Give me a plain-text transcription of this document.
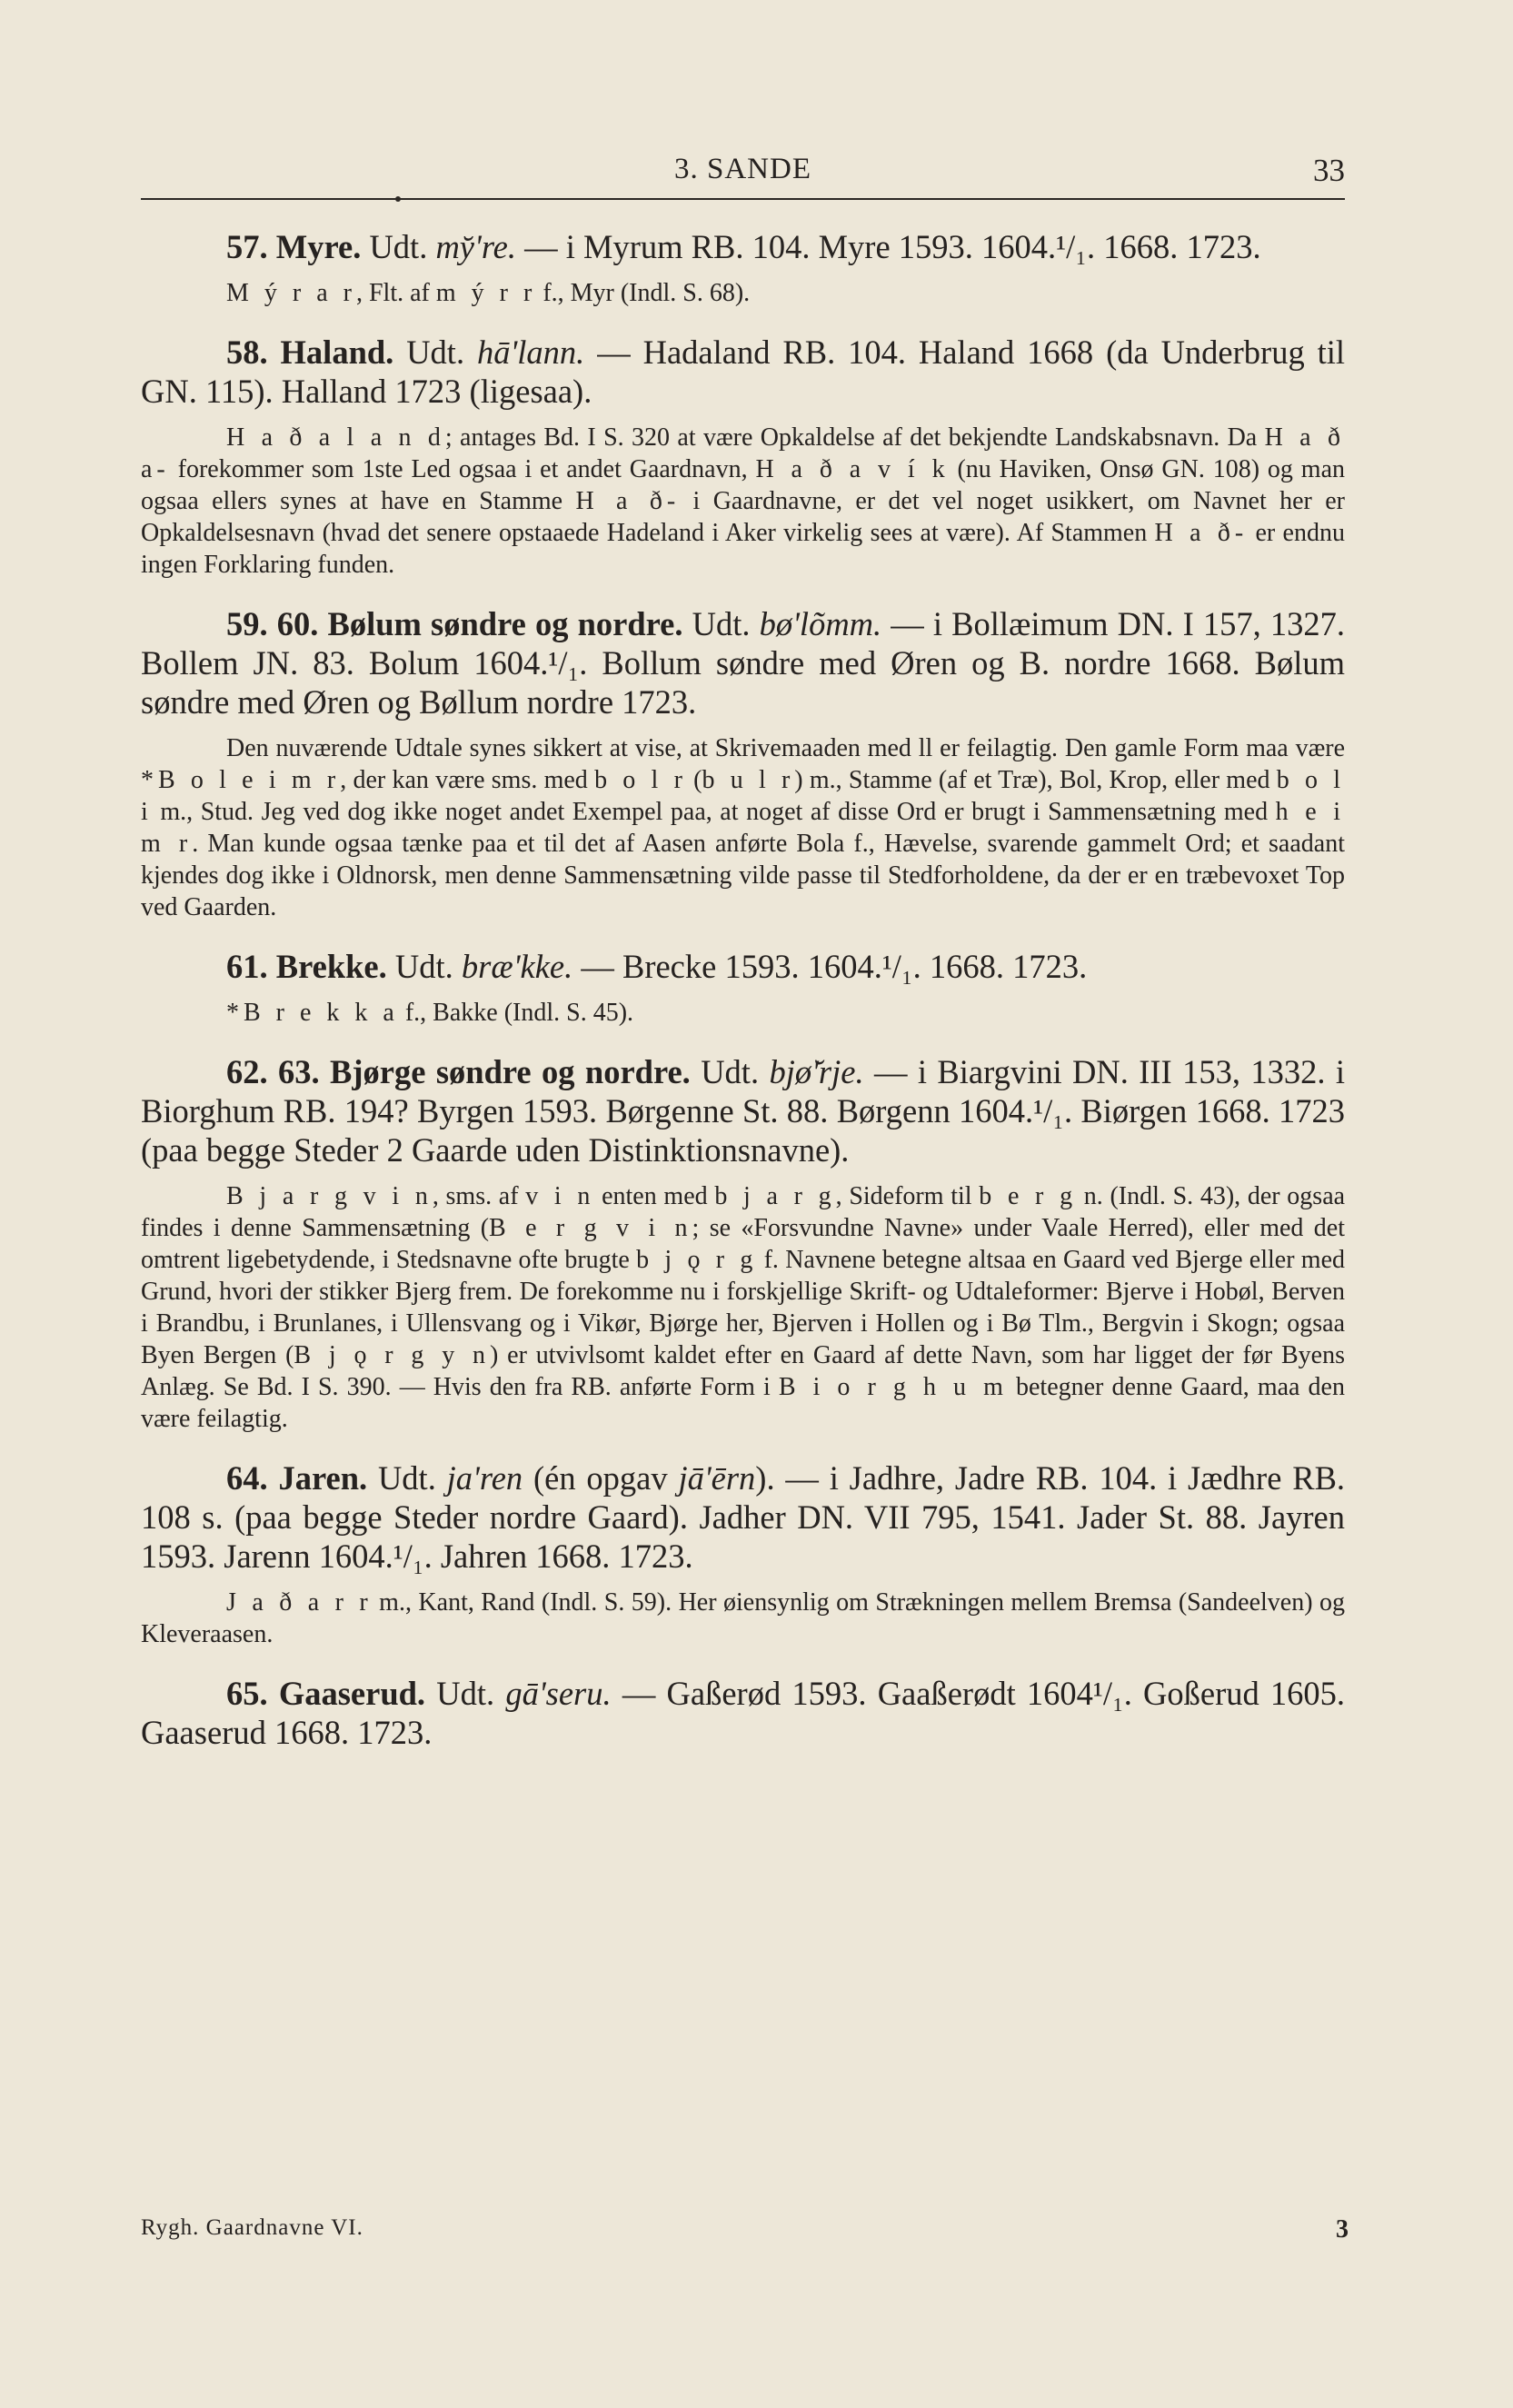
3. SANDE	33

57. Myre. Udt. my̆'re. — i Myrum RB. 104. Myre 1593. 1604.¹/₁. 1668. 1723.

M ý r a r, Flt. af m ý r r f., Myr (Indl. S. 68).

58. Haland. Udt. hā'lann. — Hadaland RB. 104. Haland 1668 (da Underbrug til GN. 115). Halland 1723 (ligesaa).

H a ð a l a n d; antages Bd. I S. 320 at være Opkaldelse af det bekjendte Landskabsnavn. Da H a ð a- forekommer som 1ste Led ogsaa i et andet Gaardnavn, H a ð a v í k (nu Haviken, Onsø GN. 108) og man ogsaa ellers synes at have en Stamme H a ð- i Gaardnavne, er det vel noget usikkert, om Navnet her er Opkaldelsesnavn (hvad det senere opstaaede Hadeland i Aker virkelig sees at være). Af Stammen H a ð- er endnu ingen Forklaring funden.

59. 60. Bølum søndre og nordre. Udt. bø'lõmm. — i Bollæimum DN. I 157, 1327. Bollem JN. 83. Bolum 1604.¹/₁. Bollum søndre med Øren og B. nordre 1668. Bølum søndre med Øren og Bøllum nordre 1723.

Den nuværende Udtale synes sikkert at vise, at Skrivemaaden med ll er feilagtig. Den gamle Form maa være *B o l e i m r, der kan være sms. med b o l r (b u l r) m., Stamme (af et Træ), Bol, Krop, eller med b o l i m., Stud. Jeg ved dog ikke noget andet Exempel paa, at noget af disse Ord er brugt i Sammensætning med h e i m r. Man kunde ogsaa tænke paa et til det af Aasen anførte Bola f., Hævelse, svarende gammelt Ord; et saadant kjendes dog ikke i Oldnorsk, men denne Sammensætning vilde passe til Stedforholdene, da der er en træbevoxet Top ved Gaarden.

61. Brekke. Udt. bræ'kke. — Brecke 1593. 1604.¹/₁. 1668. 1723.

*B r e k k a f., Bakke (Indl. S. 45).

62. 63. Bjørge søndre og nordre. Udt. bjø̆'rje. — i Biargvini DN. III 153, 1332. i Biorghum RB. 194? Byrgen 1593. Børgenne St. 88. Børgenn 1604.¹/₁. Biørgen 1668. 1723 (paa begge Steder 2 Gaarde uden Distinktionsnavne).

B j a r g v i n, sms. af v i n enten med b j a r g, Sideform til b e r g n. (Indl. S. 43), der ogsaa findes i denne Sammensætning (B e r g v i n; se «Forsvundne Navne» under Vaale Herred), eller med det omtrent ligebetydende, i Stedsnavne ofte brugte b j ǫ r g f. Navnene betegne altsaa en Gaard ved Bjerge eller med Grund, hvori der stikker Bjerg frem. De forekomme nu i forskjellige Skrift- og Udtaleformer: Bjerve i Hobøl, Berven i Brandbu, i Brunlanes, i Ullensvang og i Vikør, Bjørge her, Bjerven i Hollen og i Bø Tlm., Bergvin i Skogn; ogsaa Byen Bergen (B j ǫ r g y n) er utvivlsomt kaldet efter en Gaard af dette Navn, som har ligget der før Byens Anlæg. Se Bd. I S. 390. — Hvis den fra RB. anførte Form i B i o r g h u m betegner denne Gaard, maa den være feilagtig.

64. Jaren. Udt. ja'ren (én opgav jā'ērn). — i Jadhre, Jadre RB. 104. i Jædhre RB. 108 s. (paa begge Steder nordre Gaard). Jadher DN. VII 795, 1541. Jader St. 88. Jayren 1593. Jarenn 1604.¹/₁. Jahren 1668. 1723.

J a ð a r r m., Kant, Rand (Indl. S. 59). Her øiensynlig om Strækningen mellem Bremsa (Sandeelven) og Kleveraasen.

65. Gaaserud. Udt. gā'seru. — Gaßerød 1593. Gaaßerødt 1604¹/₁. Goßerud 1605. Gaaserud 1668. 1723.

Rygh. Gaardnavne VI.	3
